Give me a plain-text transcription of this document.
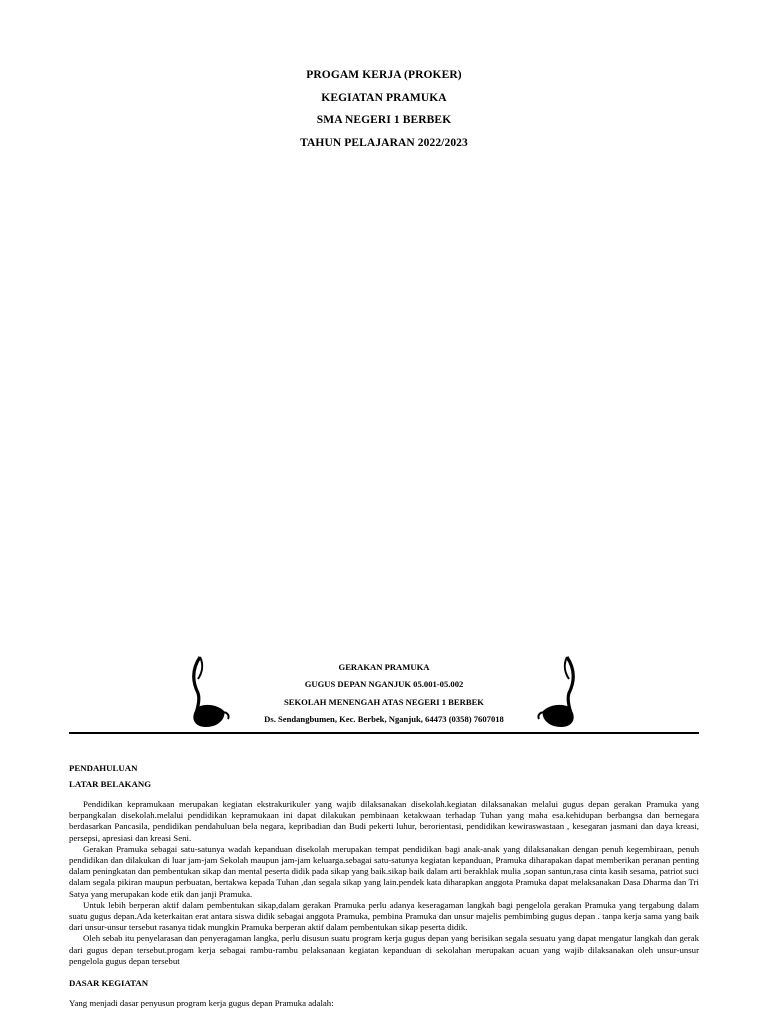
PROGAM KERJA (PROKER)
KEGIATAN PRAMUKA
SMA NEGERI 1 BERBEK
TAHUN PELAJARAN 2022/2023
GERAKAN PRAMUKA
GUGUS DEPAN NGANJUK 05.001-05.002
SEKOLAH MENENGAH ATAS NEGERI 1 BERBEK
Ds. Sendangbumen, Kec. Berbek, Nganjuk, 64473 (0358) 7607018
PENDAHULUAN
LATAR BELAKANG

Pendidikan kepramukaan merupakan kegiatan ekstrakurikuler yang wajib dilaksanakan disekolah.kegiatan dilaksanakan melalui gugus depan gerakan Pramuka yang berpangkalan disekolah.melalui pendidikan kepramukaan ini dapat dilakukan pembinaan ketakwaan terhadap Tuhan yang maha esa.kehidupan berbangsa dan bernegara berdasarkan Pancasila, pendidikan pendahuluan bela negara, kepribadian dan Budi pekerti luhur, berorientasi, pendidikan kewiraswastaan , kesegaran jasmani dan daya kreasi, persepsi, apresiasi dan kreasi Seni.

Gerakan Pramuka sebagai satu-satunya wadah kepanduan disekolah merupakan tempat pendidikan bagi anak-anak yang dilaksanakan dengan penuh kegembiraan, penuh pendidikan dan dilakukan di luar jam-jam Sekolah maupun jam-jam keluarga.sebagai satu-satunya kegiatan kepanduan, Pramuka diharapakan dapat memberikan peranan penting dalam peningkatan dan pembentukan sikap dan mental peserta didik pada sikap yang baik.sikap baik dalam arti berakhlak mulia ,sopan santun,rasa cinta kasih sesama, patriot suci dalam segala pikiran maupun perbuatan, bertakwa kepada Tuhan ,dan segala sikap yang lain.pendek kata diharapkan anggota Pramuka dapat melaksanakan Dasa Dharma dan Tri Satya yang merupakan kode etik dan janji Pramuka.

Untuk lebih berperan aktif dalam pembentukan sikap,dalam gerakan Pramuka perlu adanya keseragaman langkah bagi pengelola gerakan Pramuka yang tergabung dalam suatu gugus depan.Ada keterkaitan erat antara siswa didik sebagai anggota Pramuka, pembina Pramuka dan unsur majelis pembimbing gugus depan . tanpa kerja sama yang baik dari unsur-unsur tersebut rasanya tidak mungkin Pramuka berperan aktif dalam pembentukan sikap peserta didik.

Oleh sebab itu penyelarasan dan penyeragaman langka, perlu disusun suatu program kerja gugus depan yang berisikan segala sesuatu yang dapat mengatur langkah dan gerak dari gugus depan tersebut.progam kerja sebagai rambu-rambu pelaksanaan kegiatan kepanduan di sekolahan merupakan acuan yang wajib dilaksanakan oleh unsur-unsur pengelola gugus depan tersebut

DASAR KEGIATAN

Yang menjadi dasar penyusun program kerja gugus depan Pramuka adalah:
